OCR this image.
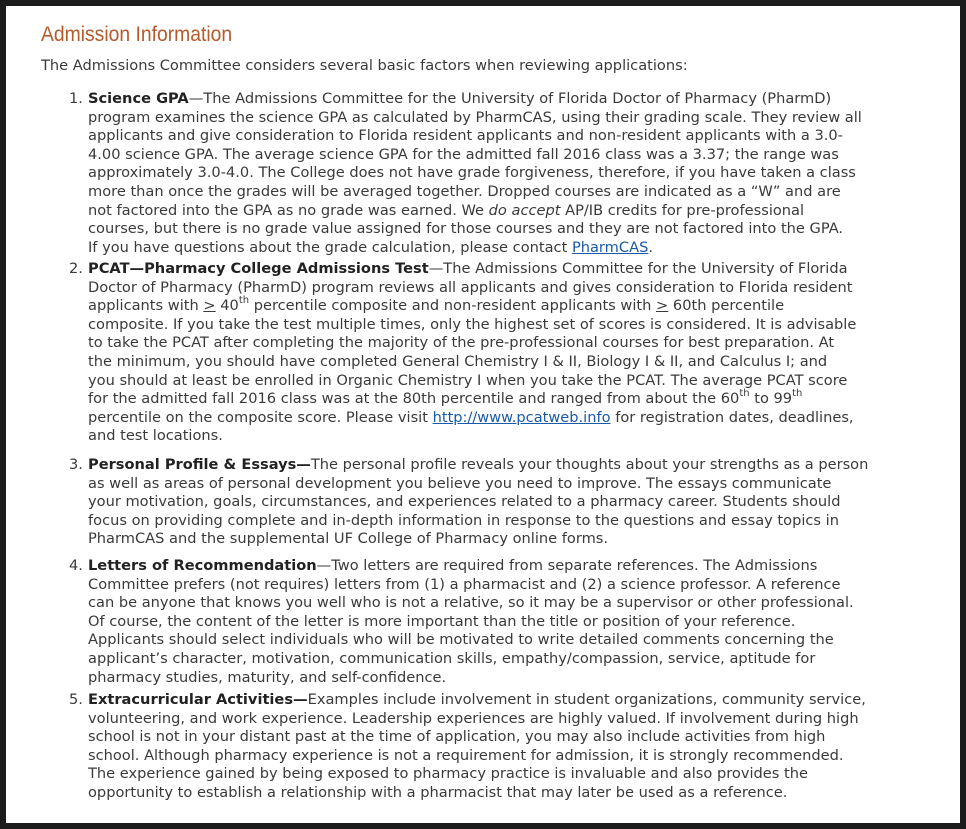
Admission Information

The Admissions Committee considers several basic factors when reviewing applications:

1. Science GPA—The Admissions Committee for the University of Florida Doctor of Pharmacy (PharmD)
program examines the science GPA as calculated by PharmCAS, using their grading scale. They review all
applicants and give consideration to Florida resident applicants and non-resident applicants with a 3.0-
4.00 science GPA. The average science GPA for the admitted fall 2016 class was a 3.37; the range was
approximately 3.0-4.0. The College does not have grade forgiveness, therefore, if you have taken a class
more than once the grades will be averaged together. Dropped courses are indicated as a “W” and are
not factored into the GPA as no grade was earned. We do accept AP/IB credits for pre-professional
courses, but there is no grade value assigned for those courses and they are not factored into the GPA.
If you have questions about the grade calculation, please contact PharmCAS.
2. PCAT—Pharmacy College Admissions Test—The Admissions Committee for the University of Florida
Doctor of Pharmacy (PharmD) program reviews all applicants and gives consideration to Florida resident
applicants with ≥ 40th percentile composite and non-resident applicants with ≥ 60th percentile
composite. If you take the test multiple times, only the highest set of scores is considered. It is advisable
to take the PCAT after completing the majority of the pre-professional courses for best preparation. At
the minimum, you should have completed General Chemistry I & II, Biology I & II, and Calculus I; and
you should at least be enrolled in Organic Chemistry I when you take the PCAT. The average PCAT score
for the admitted fall 2016 class was at the 80th percentile and ranged from about the 60th to 99th
percentile on the composite score. Please visit http://www.pcatweb.info for registration dates, deadlines,
and test locations.
3. Personal Profile & Essays—The personal profile reveals your thoughts about your strengths as a person
as well as areas of personal development you believe you need to improve. The essays communicate
your motivation, goals, circumstances, and experiences related to a pharmacy career. Students should
focus on providing complete and in-depth information in response to the questions and essay topics in
PharmCAS and the supplemental UF College of Pharmacy online forms.
4. Letters of Recommendation—Two letters are required from separate references. The Admissions
Committee prefers (not requires) letters from (1) a pharmacist and (2) a science professor. A reference
can be anyone that knows you well who is not a relative, so it may be a supervisor or other professional.
Of course, the content of the letter is more important than the title or position of your reference.
Applicants should select individuals who will be motivated to write detailed comments concerning the
applicant’s character, motivation, communication skills, empathy/compassion, service, aptitude for
pharmacy studies, maturity, and self-confidence.
5. Extracurricular Activities—Examples include involvement in student organizations, community service,
volunteering, and work experience. Leadership experiences are highly valued. If involvement during high
school is not in your distant past at the time of application, you may also include activities from high
school. Although pharmacy experience is not a requirement for admission, it is strongly recommended.
The experience gained by being exposed to pharmacy practice is invaluable and also provides the
opportunity to establish a relationship with a pharmacist that may later be used as a reference.
